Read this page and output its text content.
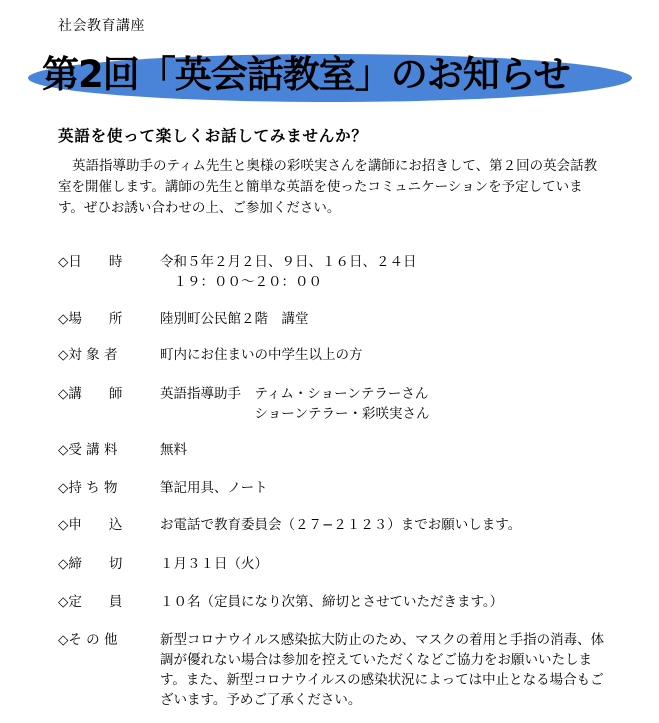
社会教育講座
第2回「英会話教室」のお知らせ
英語を使って楽しくお話してみませんか？
英語指導助手のティム先生と奥様の彩咲実さんを講師にお招きして、第２回の英会話教室を開催します。講師の先生と簡単な英語を使ったコミュニケーションを予定しています。ぜひお誘い合わせの上、ご参加ください。
◇日　　時	令和５年２月２日、９日、１６日、２４日
　１９：００〜２０：００
◇場　　所	陸別町公民館２階　講堂
◇対 象 者	町内にお住まいの中学生以上の方
◇講　　師	英語指導助手　ティム・ショーンテラーさん
　　　　　　　ショーンテラー・彩咲実さん
◇受 講 料	無料
◇持 ち 物	筆記用具、ノート
◇申　　込	お電話で教育委員会（２７−２１２３）までお願いします。
◇締　　切	１月３１日（火）
◇定　　員	１０名（定員になり次第、締切とさせていただきます。）
◇そ の 他	新型コロナウイルス感染拡大防止のため、マスクの着用と手指の消毒、体調が優れない場合は参加を控えていただくなどご協力をお願いいたします。また、新型コロナウイルスの感染状況によっては中止となる場合もございます。予めご了承ください。
